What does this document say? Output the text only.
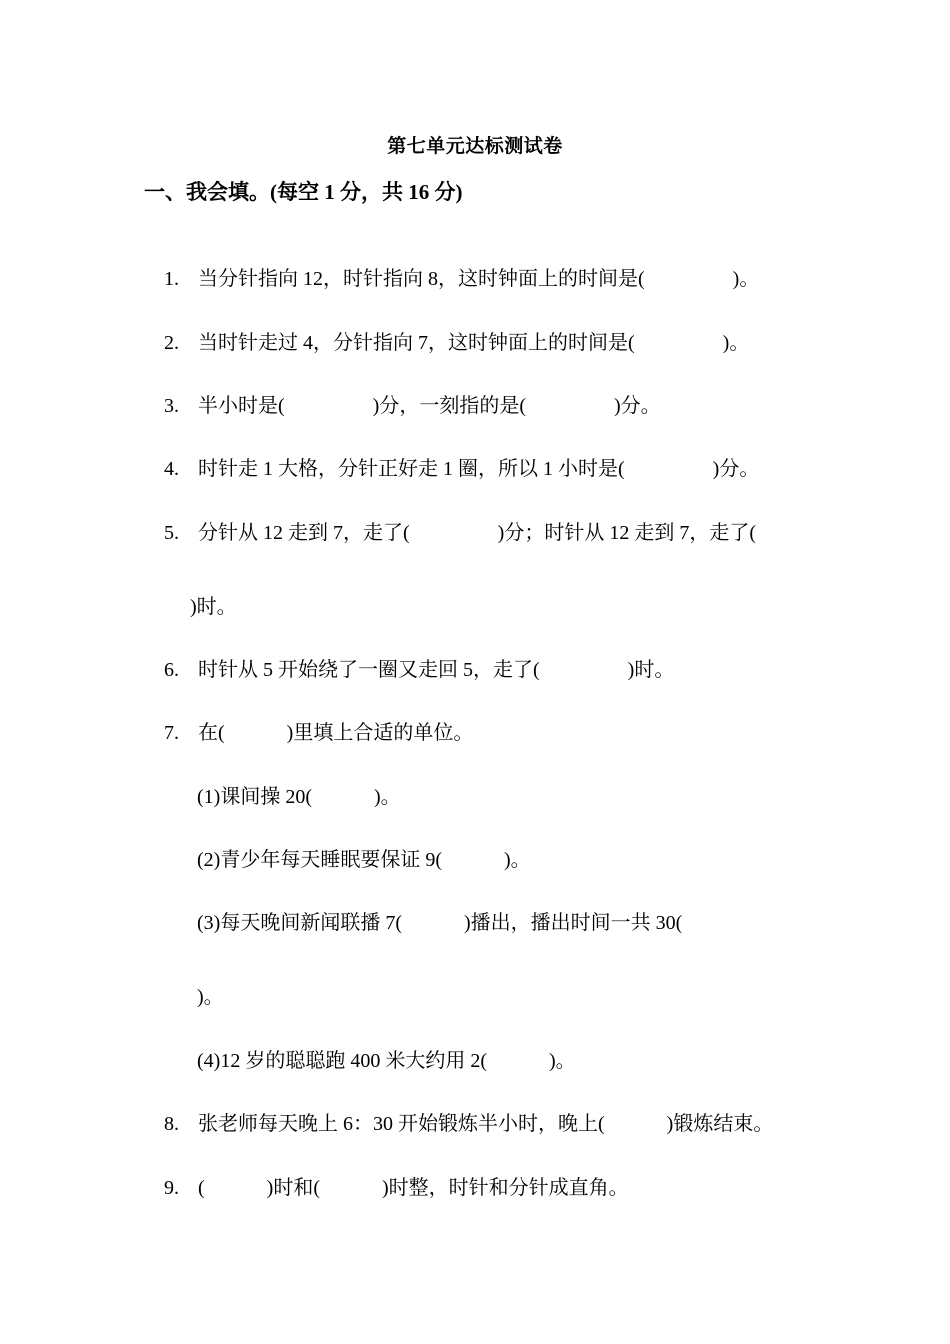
第七单元达标测试卷
一、我会填。(每空 1 分，共 16 分)

1. 当分针指向 12，时针指向 8，这时钟面上的时间是(	)。

2. 当时针走过 4，分针指向 7，这时钟面上的时间是(	)。

3. 半小时是(	)分，一刻指的是(	)分。

4. 时针走 1 大格，分针正好走 1 圈，所以 1 小时是(	)分。

5. 分针从 12 走到 7，走了(	)分；时针从 12 走到 7，走了(

)时。

6. 时针从 5 开始绕了一圈又走回 5，走了(	)时。

7. 在(	)里填上合适的单位。

(1)课间操 20(	)。

(2)青少年每天睡眠要保证 9(	)。

(3)每天晚间新闻联播 7(	)播出，播出时间一共 30(

)。

(4)12 岁的聪聪跑 400 米大约用 2(	)。

8. 张老师每天晚上 6：30 开始锻炼半小时，晚上(	)锻炼结束。

9. (	)时和(	)时整，时针和分针成直角。
